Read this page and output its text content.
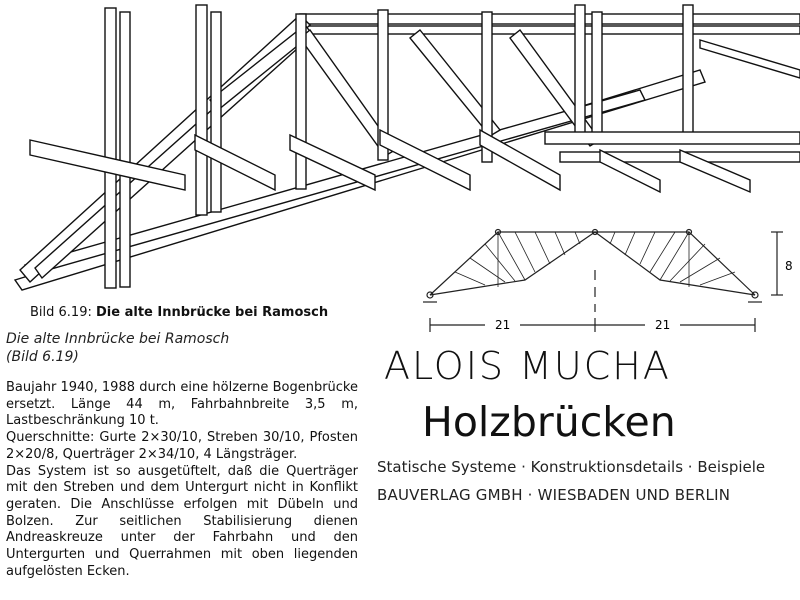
21	21
8
Bild 6.19: Die alte Innbrücke bei Ramosch
Die alte Innbrücke bei Ramosch
(Bild 6.19)

Baujahr 1940, 1988 durch eine hölzerne Bogenbrücke ersetzt. Länge 44 m, Fahrbahnbreite 3,5 m, Lastbeschränkung 10 t.

Querschnitte: Gurte 2×30/10, Streben 30/10, Pfosten 2×20/8, Querträger 2×34/10, 4 Längsträger.

Das System ist so ausgetüftelt, daß die Querträger mit den Streben und dem Untergurt nicht in Konflikt geraten. Die Anschlüsse erfolgen mit Dübeln und Bolzen. Zur seitlichen Stabilisierung dienen Andreaskreuze unter der Fahrbahn und den Untergurten und Querrahmen mit oben liegenden aufgelösten Ecken.

ALOIS MUCHA
Holzbrücken
Statische Systeme · Konstruktionsdetails · Beispiele
BAUVERLAG GMBH · WIESBADEN UND BERLIN
